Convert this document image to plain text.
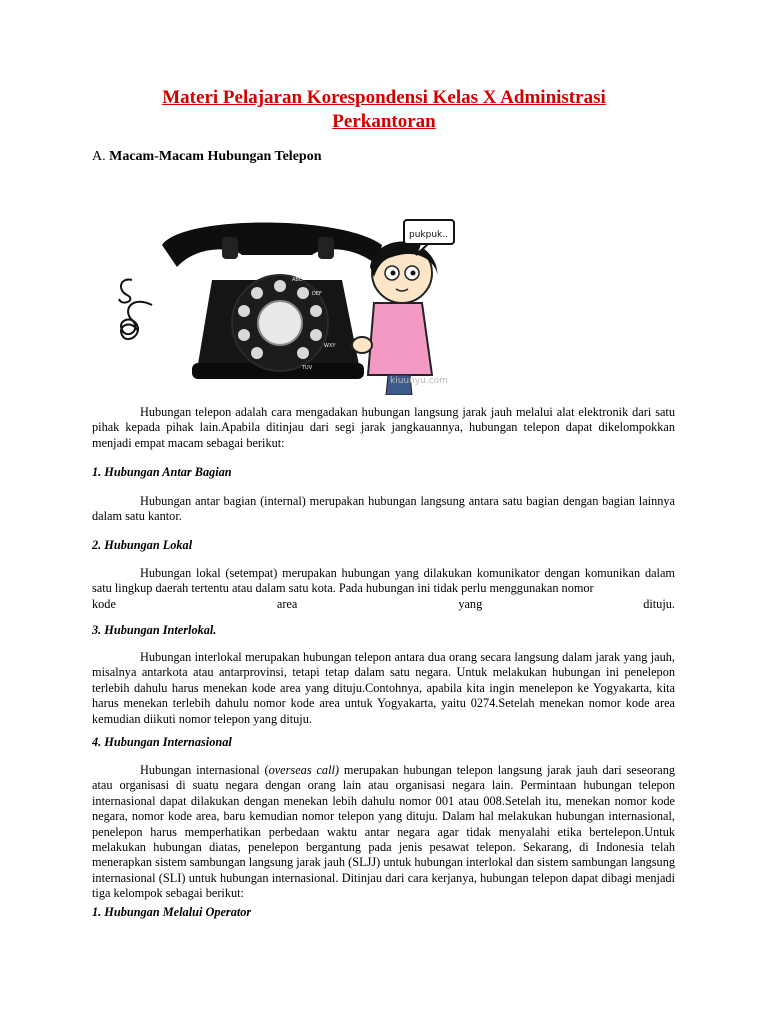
Materi Pelajaran Korespondensi Kelas X Administrasi
Perkantoran
A. Macam-Macam Hubungan Telepon
ABC
DEF
WXY
TUV
pukpuk..
kiuunyu.com

Hubungan telepon adalah cara mengadakan hubungan langsung jarak jauh melalui alat elektronik dari satu pihak kepada pihak lain.Apabila ditinjau dari segi jarak jangkauannya, hubungan telepon dapat dikelompokkan menjadi empat macam sebagai berikut:

1. Hubungan Antar Bagian

Hubungan antar bagian (internal) merupakan hubungan langsung antara satu bagian dengan bagian lainnya dalam satu kantor.

2. Hubungan Lokal

Hubungan lokal (setempat) merupakan hubungan yang dilakukan komunikator dengan komunikan dalam satu lingkup daerah tertentu atau dalam satu kota. Pada hubungan ini tidak perlu menggunakan nomor

kode	area	yang	dituju.
3. Hubungan Interlokal.

Hubungan interlokal merupakan hubungan telepon antara dua orang secara langsung dalam jarak yang jauh, misalnya antarkota atau antarprovinsi, tetapi tetap dalam satu negara. Untuk melakukan hubungan ini penelepon terlebih dahulu harus menekan kode area yang dituju.Contohnya, apabila kita ingin menelepon ke Yogyakarta, kita harus menekan terlebih dahulu nomor kode area untuk Yogyakarta, yaitu 0274.Setelah menekan nomor kode area kemudian diikuti nomor telepon yang dituju.

4. Hubungan Internasional

Hubungan internasional (overseas call) merupakan hubungan telepon langsung jarak jauh dari seseorang atau organisasi di suatu negara dengan orang lain atau organisasi negara lain. Permintaan hubungan telepon internasional dapat dilakukan dengan menekan lebih dahulu nomor 001 atau 008.Setelah itu, menekan nomor kode negara, nomor kode area, baru kemudian nomor telepon yang dituju. Dalam hal melakukan hubungan internasional, penelepon harus memperhatikan perbedaan waktu antar negara agar tidak menyalahi etika bertelepon.Untuk melakukan hubungan diatas, penelepon bergantung pada jenis pesawat telepon. Sekarang, di Indonesia telah menerapkan sistem sambungan langsung jarak jauh (SLJJ) untuk hubungan interlokal dan sistem sambungan langsung internasional (SLI) untuk hubungan internasional. Ditinjau dari cara kerjanya, hubungan telepon dapat dibagi menjadi tiga kelompok sebagai berikut:

1. Hubungan Melalui Operator
